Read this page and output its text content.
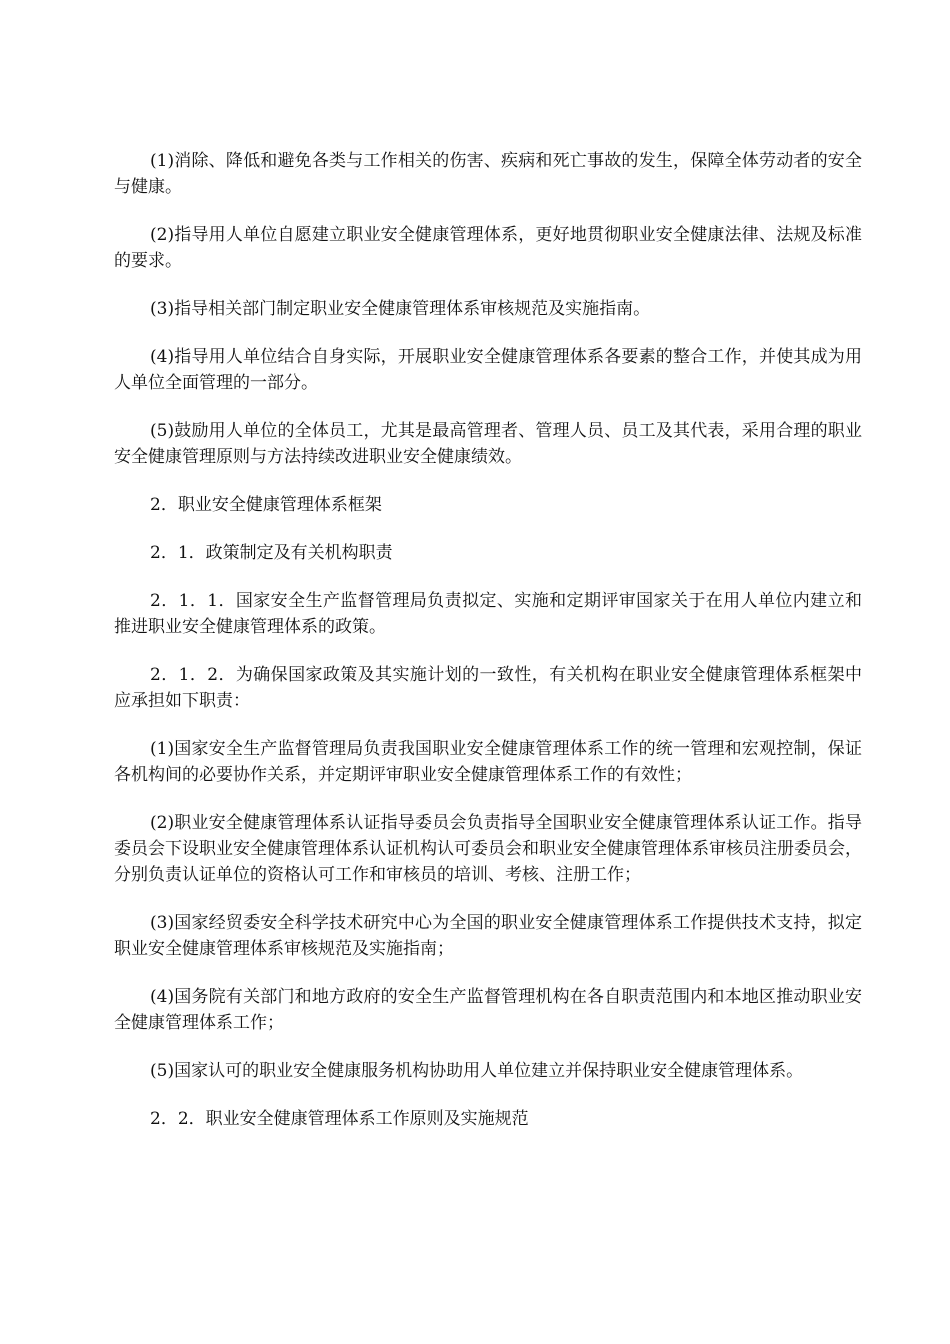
(1)消除、降低和避免各类与工作相关的伤害、疾病和死亡事故的发生，保障全体劳动者的安全与健康。

(2)指导用人单位自愿建立职业安全健康管理体系，更好地贯彻职业安全健康法律、法规及标准的要求。

(3)指导相关部门制定职业安全健康管理体系审核规范及实施指南。

(4)指导用人单位结合自身实际，开展职业安全健康管理体系各要素的整合工作，并使其成为用人单位全面管理的一部分。

(5)鼓励用人单位的全体员工，尤其是最高管理者、管理人员、员工及其代表，采用合理的职业安全健康管理原则与方法持续改进职业安全健康绩效。

2．职业安全健康管理体系框架

2．1．政策制定及有关机构职责

2．1．1．国家安全生产监督管理局负责拟定、实施和定期评审国家关于在用人单位内建立和推进职业安全健康管理体系的政策。

2．1．2．为确保国家政策及其实施计划的一致性，有关机构在职业安全健康管理体系框架中应承担如下职责：

(1)国家安全生产监督管理局负责我国职业安全健康管理体系工作的统一管理和宏观控制，保证各机构间的必要协作关系，并定期评审职业安全健康管理体系工作的有效性；

(2)职业安全健康管理体系认证指导委员会负责指导全国职业安全健康管理体系认证工作。指导委员会下设职业安全健康管理体系认证机构认可委员会和职业安全健康管理体系审核员注册委员会，分别负责认证单位的资格认可工作和审核员的培训、考核、注册工作；

(3)国家经贸委安全科学技术研究中心为全国的职业安全健康管理体系工作提供技术支持，拟定职业安全健康管理体系审核规范及实施指南；

(4)国务院有关部门和地方政府的安全生产监督管理机构在各自职责范围内和本地区推动职业安全健康管理体系工作；

(5)国家认可的职业安全健康服务机构协助用人单位建立并保持职业安全健康管理体系。

2．2．职业安全健康管理体系工作原则及实施规范
